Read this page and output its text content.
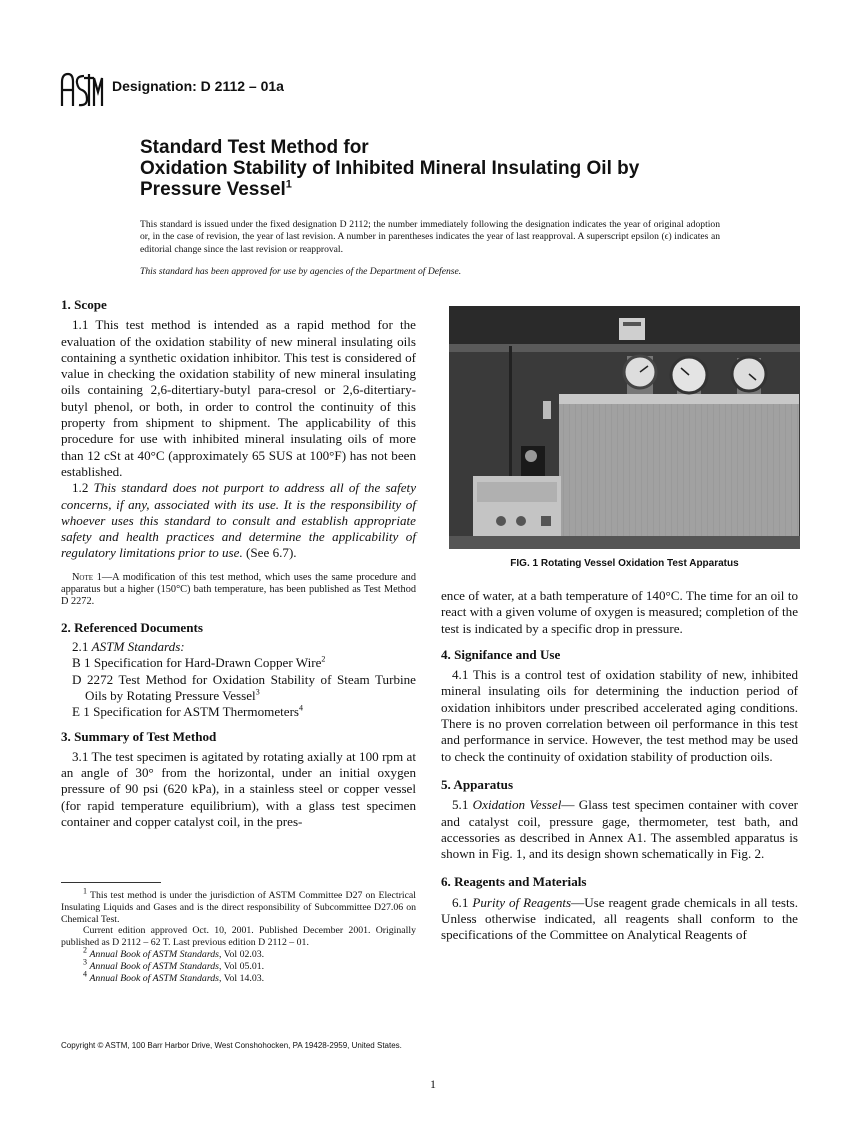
Designation: D 2112 – 01a
Standard Test Method for
Oxidation Stability of Inhibited Mineral Insulating Oil by
Pressure Vessel$^1$
This standard is issued under the fixed designation D 2112; the number immediately following the designation indicates the year of original adoption or, in the case of revision, the year of last revision. A number in parentheses indicates the year of last reapproval. A superscript epsilon (ϵ) indicates an editorial change since the last revision or reapproval.
This standard has been approved for use by agencies of the Department of Defense.

1. Scope

1.1 This test method is intended as a rapid method for the evaluation of the oxidation stability of new mineral insulating oils containing a synthetic oxidation inhibitor. This test is considered of value in checking the oxidation stability of new mineral insulating oils containing 2,6-ditertiary-butyl para-cresol or 2,6-ditertiary-butyl phenol, or both, in order to control the continuity of this property from shipment to shipment. The applicability of this procedure for use with inhibited mineral insulating oils of more than 12 cSt at 40°C (approximately 65 SUS at 100°F) has not been established.

1.2 This standard does not purport to address all of the safety concerns, if any, associated with its use. It is the responsibility of whoever uses this standard to consult and establish appropriate safety and health practices and determine the applicability of regulatory limitations prior to use. (See 6.7).

Note 1—A modification of this test method, which uses the same procedure and apparatus but a higher (150°C) bath temperature, has been published as Test Method D 2272.

2. Referenced Documents

2.1 ASTM Standards:

B 1 Specification for Hard-Drawn Copper Wire$^2$

D 2272 Test Method for Oxidation Stability of Steam Turbine Oils by Rotating Pressure Vessel$^3$

E 1 Specification for ASTM Thermometers$^4$

3. Summary of Test Method

3.1 The test specimen is agitated by rotating axially at 100 rpm at an angle of 30° from the horizontal, under an initial oxygen pressure of 90 psi (620 kPa), in a stainless steel or copper vessel (for rapid temperature equilibrium), with a glass test specimen container and copper catalyst coil, in the pres-

FIG. 1 Rotating Vessel Oxidation Test Apparatus

ence of water, at a bath temperature of 140°C. The time for an oil to react with a given volume of oxygen is measured; completion of the test is indicated by a specific drop in pressure.

4. Signifance and Use

4.1 This is a control test of oxidation stability of new, inhibited mineral insulating oils for determining the induction period of oxidation inhibitors under prescribed accelerated aging conditions. There is no proven correlation between oil performance in this test and performance in service. However, the test method may be used to check the continuity of oxidation stability of production oils.

5. Apparatus

5.1 Oxidation Vessel— Glass test specimen container with cover and catalyst coil, pressure gage, thermometer, test bath, and accessories as described in Annex A1. The assembled apparatus is shown in Fig. 1, and its design shown schematically in Fig. 2.

6. Reagents and Materials

6.1 Purity of Reagents—Use reagent grade chemicals in all tests. Unless otherwise indicated, all reagents shall conform to the specifications of the Committee on Analytical Reagents of

$^1$ This test method is under the jurisdiction of ASTM Committee D27 on Electrical Insulating Liquids and Gases and is the direct responsibility of Subcommittee D27.06 on Chemical Test.

Current edition approved Oct. 10, 2001. Published December 2001. Originally published as D 2112 – 62 T. Last previous edition D 2112 – 01.

$^2$ Annual Book of ASTM Standards, Vol 02.03.

$^3$ Annual Book of ASTM Standards, Vol 05.01.

$^4$ Annual Book of ASTM Standards, Vol 14.03.

Copyright © ASTM, 100 Barr Harbor Drive, West Conshohocken, PA 19428-2959, United States.
1
